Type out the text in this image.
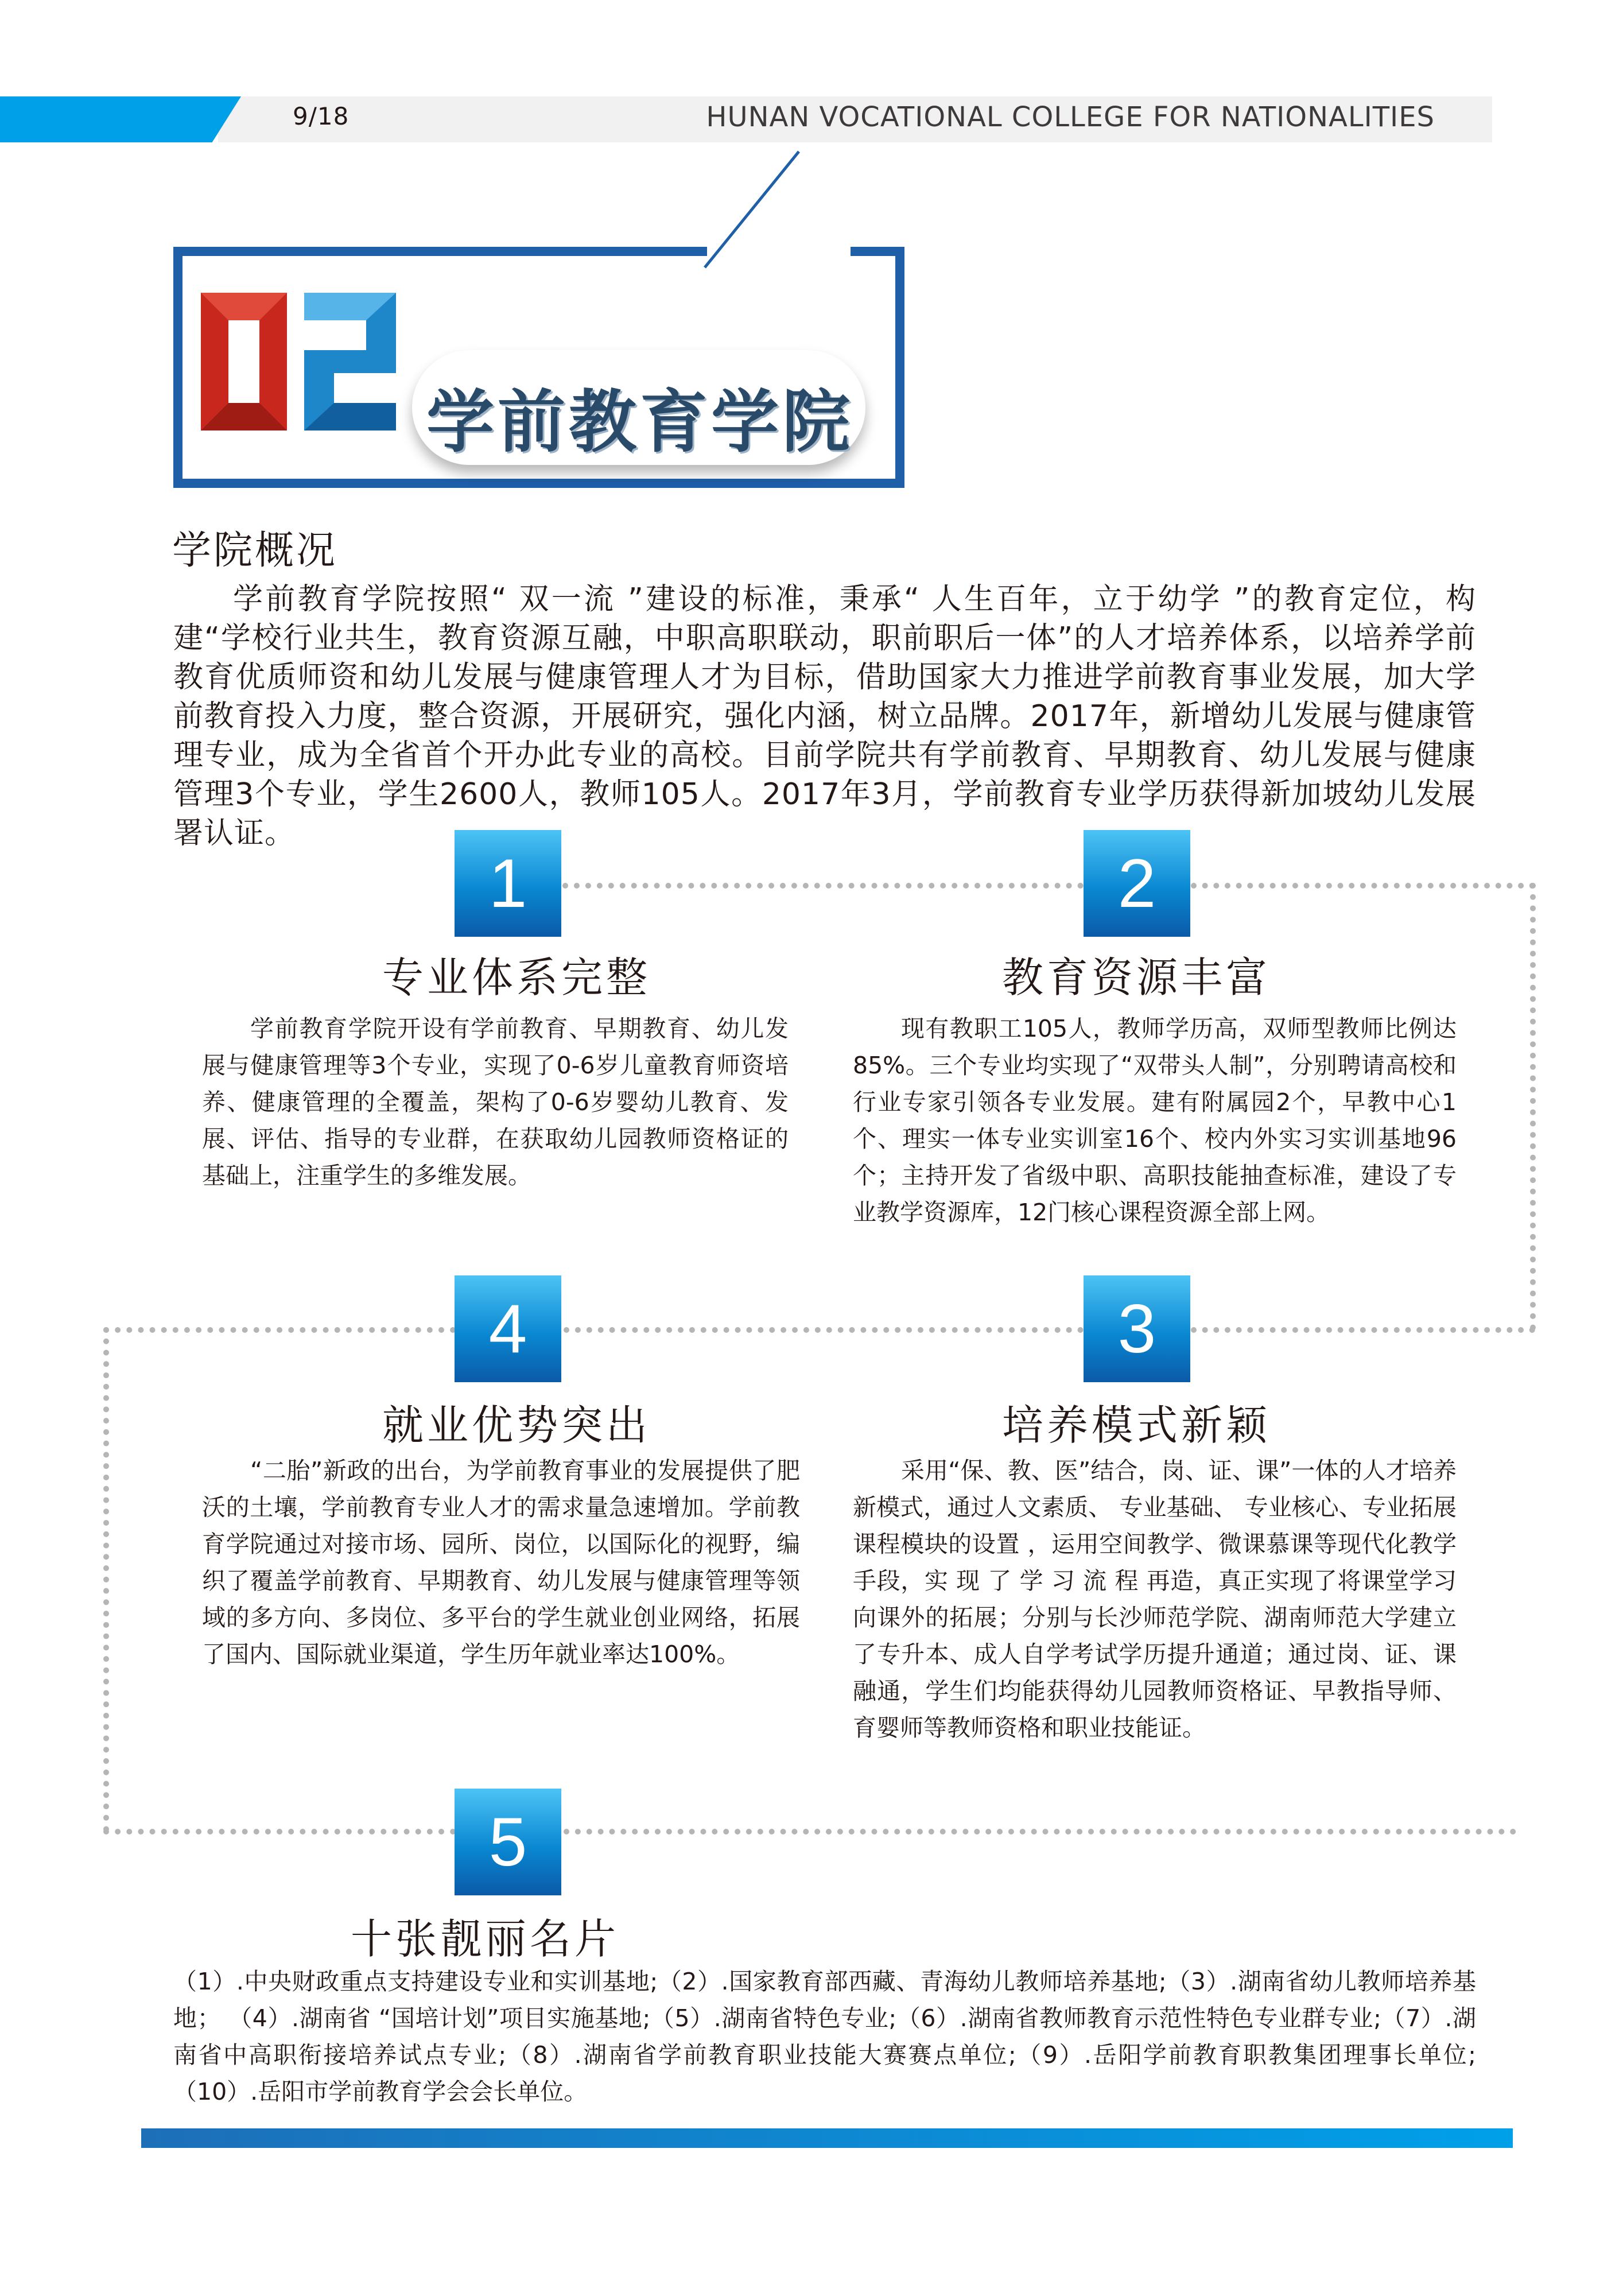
9/18	HUNAN VOCATIONAL COLLEGE FOR NATIONALITIES
学前教育学院
学院概况

学前教育学院按照“ 双一流 ”建设的标准，秉承“ 人生百年，立于幼学 ”的教育定位，构建“学校行业共生，教育资源互融，中职高职联动，职前职后一体”的人才培养体系，以培养学前教育优质师资和幼儿发展与健康管理人才为目标，借助国家大力推进学前教育事业发展，加大学前教育投入力度，整合资源，开展研究，强化内涵，树立品牌。2017年，新增幼儿发展与健康管理专业，成为全省首个开办此专业的高校。目前学院共有学前教育、早期教育、幼儿发展与健康管理3个专业，学生2600人，教师105人。2017年3月，学前教育专业学历获得新加坡幼儿发展署认证。

1
专业体系完整

学前教育学院开设有学前教育、早期教育、幼儿发展与健康管理等3个专业，实现了0-6岁儿童教育师资培养、健康管理的全覆盖，架构了0-6岁婴幼儿教育、发展、评估、指导的专业群，在获取幼儿园教师资格证的基础上，注重学生的多维发展。

2
教育资源丰富

现有教职工105人，教师学历高，双师型教师比例达85%。三个专业均实现了“双带头人制”，分别聘请高校和行业专家引领各专业发展。建有附属园2个，早教中心1个、理实一体专业实训室16个、校内外实习实训基地96个；主持开发了省级中职、高职技能抽查标准，建设了专业教学资源库，12门核心课程资源全部上网。

4
就业优势突出

“二胎”新政的出台，为学前教育事业的发展提供了肥沃的土壤，学前教育专业人才的需求量急速增加。学前教育学院通过对接市场、园所、岗位，以国际化的视野，编织了覆盖学前教育、早期教育、幼儿发展与健康管理等领域的多方向、多岗位、多平台的学生就业创业网络，拓展了国内、国际就业渠道，学生历年就业率达100%。

3
培养模式新颖

采用“保、教、医”结合，岗、证、课”一体的人才培养新模式，通过人文素质、 专业基础、 专业核心、专业拓展课程模块的设置 ，运用空间教学、微课慕课等现代化教学手段，实 现 了 学 习 流 程 再造，真正实现了将课堂学习向课外的拓展；分别与长沙师范学院、湖南师范大学建立了专升本、成人自学考试学历提升通道；通过岗、证、课融通，学生们均能获得幼儿园教师资格证、早教指导师、育婴师等教师资格和职业技能证。

5
十张靓丽名片

（1）.中央财政重点支持建设专业和实训基地;（2）.国家教育部西藏、青海幼儿教师培养基地;（3）.湖南省幼儿教师培养基地； （4）.湖南省 “国培计划”项目实施基地;（5）.湖南省特色专业;（6）.湖南省教师教育示范性特色专业群专业;（7）.湖南省中高职衔接培养试点专业;（8）.湖南省学前教育职业技能大赛赛点单位;（9）.岳阳学前教育职教集团理事长单位;（10）.岳阳市学前教育学会会长单位。
